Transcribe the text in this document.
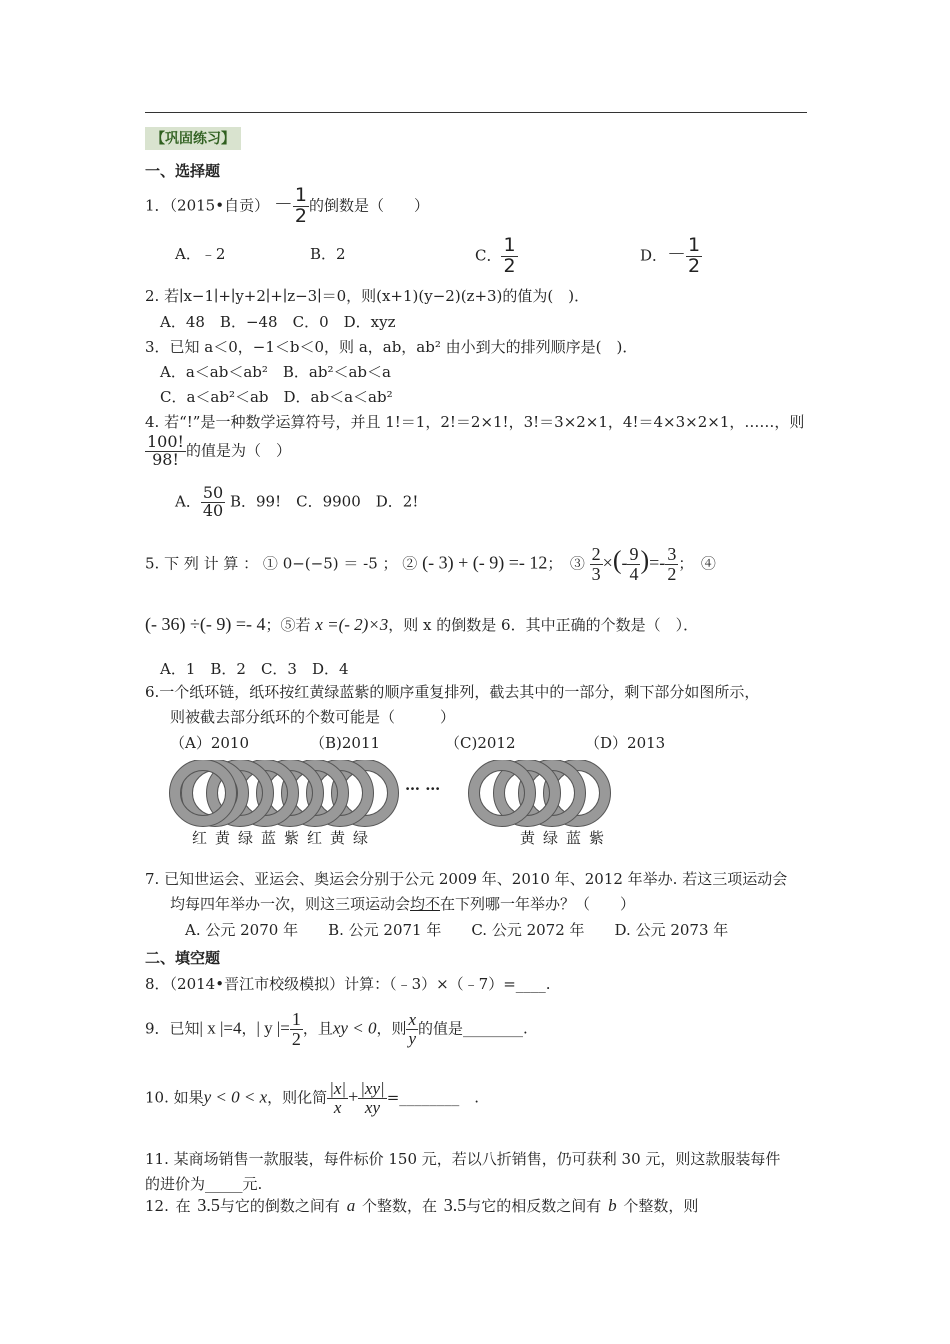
【巩固练习】
一、选择题
1．（2015•自贡） － $\frac{1}{2}$ 的倒数是（　　）
A．﹣2	B．2	C． $\frac{1}{2}$	D．－ $\frac{1}{2}$
2. 若∣x−1∣+∣y+2∣+∣z−3∣＝0，则(x+1)(y−2)(z+3)的值为(　)．
A．48　B．−48　C．0　D．xyz
3．已知 a＜0，−1＜b＜0，则 a，ab，ab² 由小到大的排列顺序是(　)．
A．a＜ab＜ab²　B．ab²＜ab＜a
C．a＜ab²＜ab　D．ab＜a＜ab²
4. 若“!”是一种数学运算符号，并且 1!＝1，2!＝2×1!，3!＝3×2×1，4!＝4×3×2×1，……，则
$\frac{100!}{98!}$ 的值是为（　）
A． $\frac{50}{40}$ B．99!　C．9900　D．2!
5. 下 列 计 算 ： ① 0−(−5) ＝ -5 ； ② (- 3) + (- 9) =- 12；　③ $\frac{2}{3}$ ×(- $\frac{9}{4}$ )=- $\frac{3}{2}$ ；　④
(- 36) ÷(- 9) =- 4；⑤若 x =(- 2)×3，则 x 的倒数是 6．其中正确的个数是（　）．
A．1　B．2　C．3　D．4
6.一个纸环链，纸环按红黄绿蓝紫的顺序重复排列，截去其中的一部分，剩下部分如图所示，
则被截去部分纸环的个数可能是（　　　）
（A）2010	（B)2011	（C)2012	（D）2013
… …
红黄绿蓝紫红黄绿	黄绿蓝紫
7. 已知世运会、亚运会、奥运会分别于公元 2009 年、2010 年、2012 年举办. 若这三项运动会
均每四年举办一次，则这三项运动会均不在下列哪一年举办？（　　）
A. 公元 2070 年　　B. 公元 2071 年　　C. 公元 2072 年　　D. 公元 2073 年
二、填空题
8．（2014•晋江市校级模拟）计算：（﹣3）×（﹣7）=____.
9．已知| x |=4，| y |= $\frac{1}{2}$ ，且xy < 0，则 $\frac{x}{y}$ 的值是________.
10. 如果y < 0 < x，则化简 $\frac{|x|}{x} + \frac{|xy|}{xy}$ =________　.
11. 某商场销售一款服装，每件标价 150 元，若以八折销售，仍可获利 30 元，则这款服装每件
的进价为_____元.
12. 在 3.5与它的倒数之间有 a 个整数，在 3.5与它的相反数之间有 b 个整数，则
